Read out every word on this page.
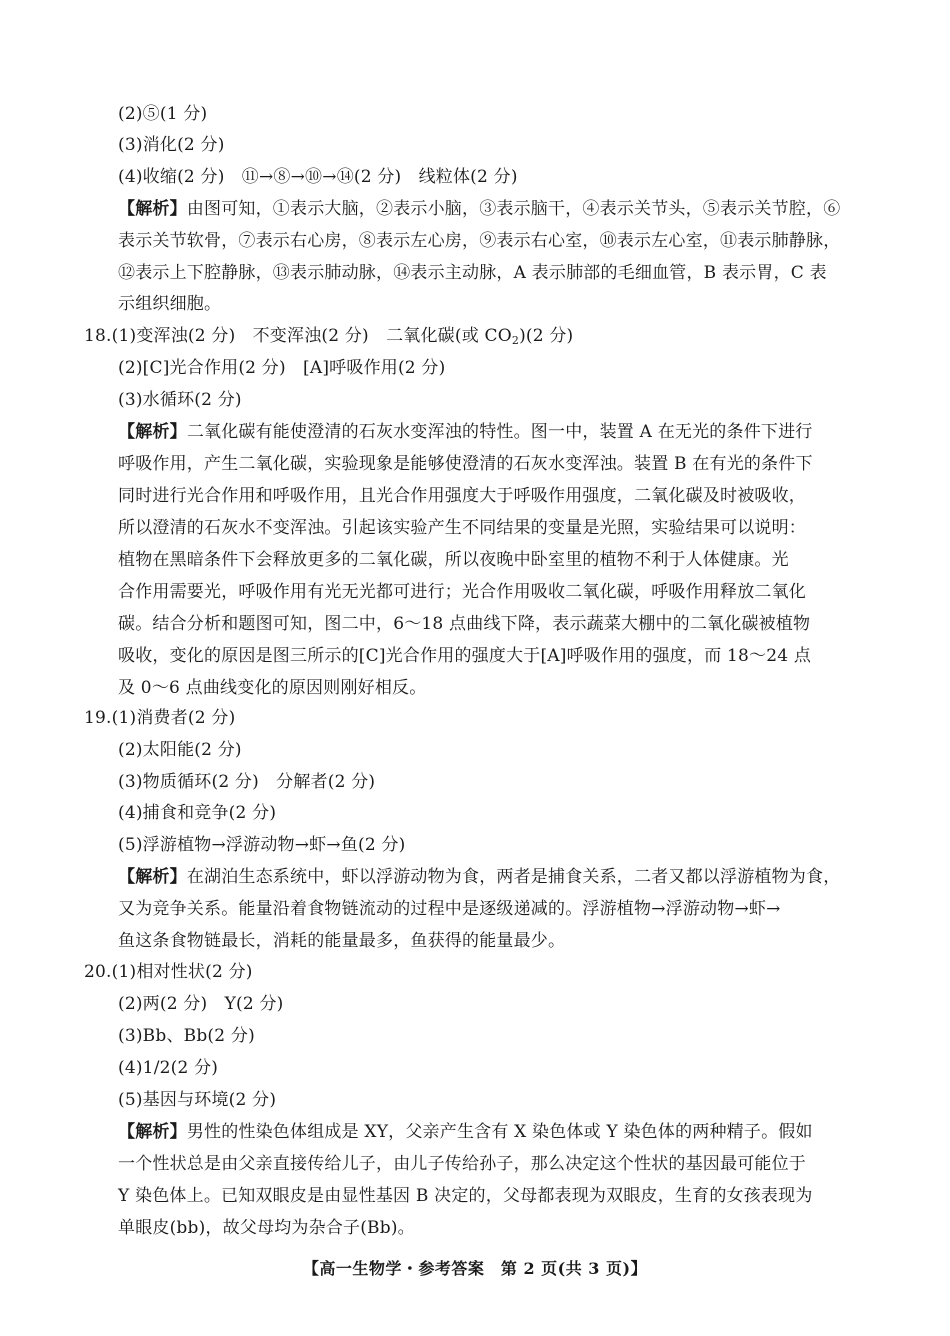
(2)⑤(1 分)
(3)消化(2 分)
(4)收缩(2 分)　⑪→⑧→⑩→⑭(2 分)　线粒体(2 分)
【解析】由图可知，①表示大脑，②表示小脑，③表示脑干，④表示关节头，⑤表示关节腔，⑥
表示关节软骨，⑦表示右心房，⑧表示左心房，⑨表示右心室，⑩表示左心室，⑪表示肺静脉，
⑫表示上下腔静脉，⑬表示肺动脉，⑭表示主动脉，A 表示肺部的毛细血管，B 表示胃，C 表
示组织细胞。
18.(1)变浑浊(2 分)　不变浑浊(2 分)　二氧化碳(或 $CO_2)(2$ 分)
(2)[C]光合作用(2 分)　[A]呼吸作用(2 分)
(3)水循环(2 分)
【解析】二氧化碳有能使澄清的石灰水变浑浊的特性。图一中，装置 A 在无光的条件下进行
呼吸作用，产生二氧化碳，实验现象是能够使澄清的石灰水变浑浊。装置 B 在有光的条件下
同时进行光合作用和呼吸作用，且光合作用强度大于呼吸作用强度，二氧化碳及时被吸收，
所以澄清的石灰水不变浑浊。引起该实验产生不同结果的变量是光照，实验结果可以说明：
植物在黑暗条件下会释放更多的二氧化碳，所以夜晚中卧室里的植物不利于人体健康。光
合作用需要光，呼吸作用有光无光都可进行；光合作用吸收二氧化碳，呼吸作用释放二氧化
碳。结合分析和题图可知，图二中，6～18 点曲线下降，表示蔬菜大棚中的二氧化碳被植物
吸收，变化的原因是图三所示的[C]光合作用的强度大于[A]呼吸作用的强度，而 18～24 点
及 0～6 点曲线变化的原因则刚好相反。
19.(1)消费者(2 分)
(2)太阳能(2 分)
(3)物质循环(2 分)　分解者(2 分)
(4)捕食和竞争(2 分)
(5)浮游植物→浮游动物→虾→鱼(2 分)
【解析】在湖泊生态系统中，虾以浮游动物为食，两者是捕食关系，二者又都以浮游植物为食，
又为竞争关系。能量沿着食物链流动的过程中是逐级递减的。浮游植物→浮游动物→虾→
鱼这条食物链最长，消耗的能量最多，鱼获得的能量最少。
20.(1)相对性状(2 分)
(2)两(2 分)　Y(2 分)
(3)Bb、Bb(2 分)
(4)1/2(2 分)
(5)基因与环境(2 分)
【解析】男性的性染色体组成是 XY，父亲产生含有 X 染色体或 Y 染色体的两种精子。假如
一个性状总是由父亲直接传给儿子，由儿子传给孙子，那么决定这个性状的基因最可能位于
Y 染色体上。已知双眼皮是由显性基因 B 决定的，父母都表现为双眼皮，生育的女孩表现为
单眼皮(bb)，故父母均为杂合子(Bb)。
【高一生物学・参考答案　第 2 页(共 3 页)】
